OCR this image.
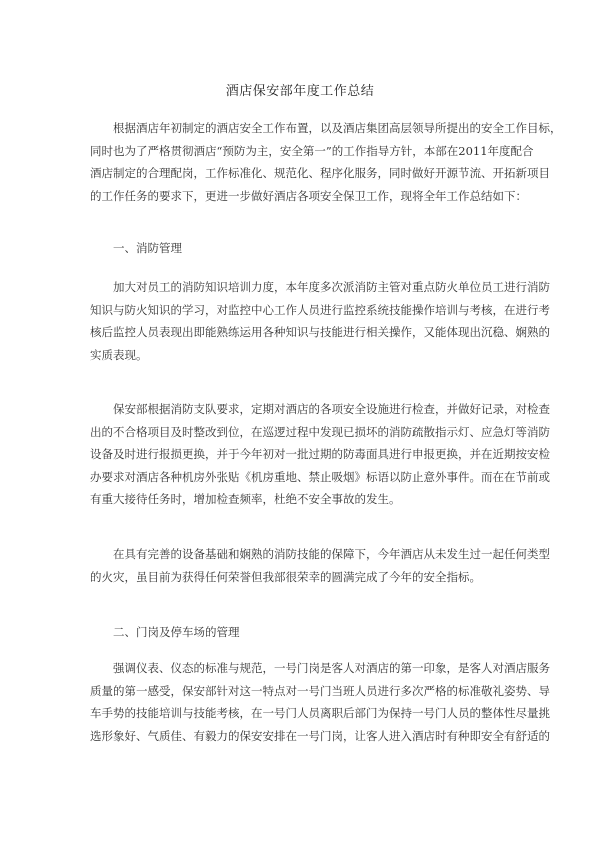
酒店保安部年度工作总结
根据酒店年初制定的酒店安全工作布置，以及酒店集团高层领导所提出的安全工作目标，
同时也为了严格贯彻酒店“预防为主，安全第一”的工作指导方针，本部在2011年度配合
酒店制定的合理配岗，工作标准化、规范化、程序化服务，同时做好开源节流、开拓新项目
的工作任务的要求下，更进一步做好酒店各项安全保卫工作，现将全年工作总结如下：
一、消防管理
加大对员工的消防知识培训力度，本年度多次派消防主管对重点防火单位员工进行消防
知识与防火知识的学习，对监控中心工作人员进行监控系统技能操作培训与考核，在进行考
核后监控人员表现出即能熟练运用各种知识与技能进行相关操作，又能体现出沉稳、娴熟的
实质表现。
保安部根据消防支队要求，定期对酒店的各项安全设施进行检查，并做好记录，对检查
出的不合格项目及时整改到位，在巡逻过程中发现已损坏的消防疏散指示灯、应急灯等消防
设备及时进行报损更换，并于今年初对一批过期的防毒面具进行申报更换，并在近期按安检
办要求对酒店各种机房外张贴《机房重地、禁止吸烟》标语以防止意外事件。而在在节前或
有重大接待任务时，增加检查频率，杜绝不安全事故的发生。
在具有完善的设备基础和娴熟的消防技能的保障下，今年酒店从未发生过一起任何类型
的火灾，虽目前为获得任何荣誉但我部很荣幸的圆满完成了今年的安全指标。
二、门岗及停车场的管理
强调仪表、仪态的标准与规范，一号门岗是客人对酒店的第一印象，是客人对酒店服务
质量的第一感受，保安部针对这一特点对一号门当班人员进行多次严格的标准敬礼姿势、导
车手势的技能培训与技能考核，在一号门人员离职后部门为保持一号门人员的整体性尽量挑
选形象好、气质佳、有毅力的保安安排在一号门岗，让客人进入酒店时有种即安全有舒适的
